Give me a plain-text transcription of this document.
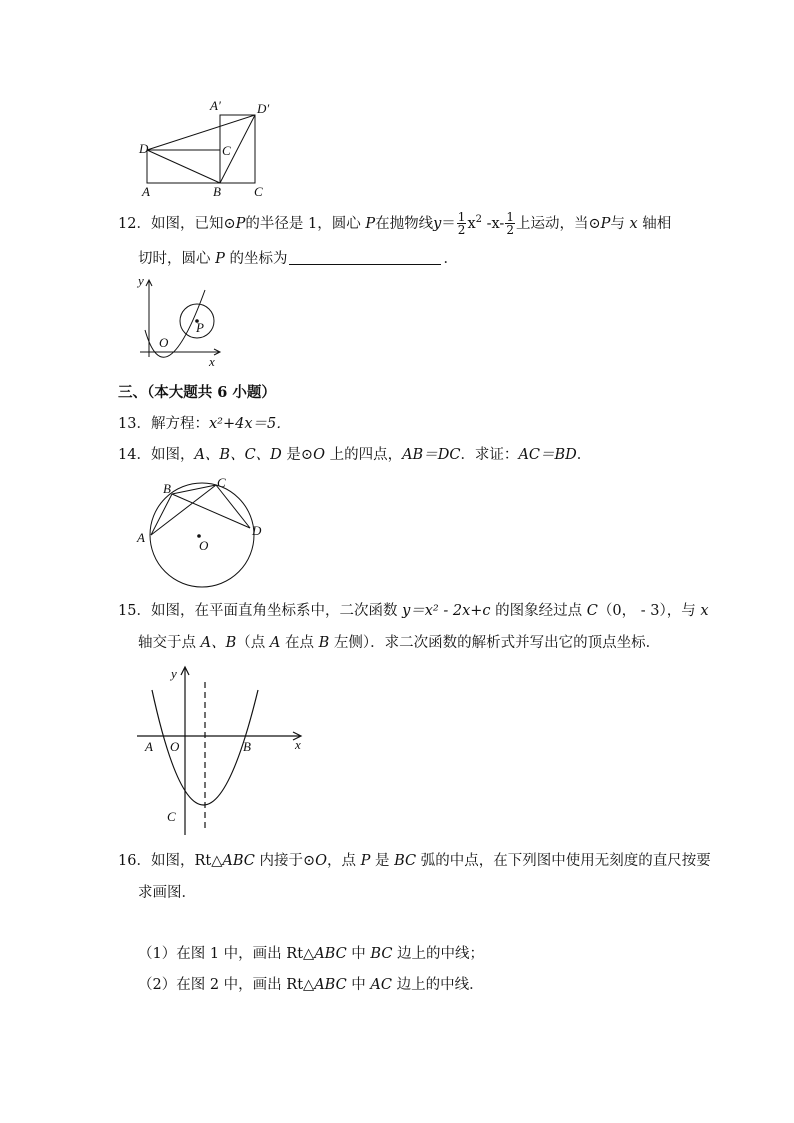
A	B	C
C
D
A′	D′
12．如图，已知⊙P的半径是 1，圆心 P在抛物线$y= \frac{1}{2} x^2$ $-x- \frac{1}{2}$ 上运动，当⊙P与 x 轴相
切时，圆心 P 的坐标为	．
y
x
O
P
三、（本大题共 6 小题）
13．解方程：x²+4x＝5．
14．如图，A、B、C、D 是⊙O 上的四点，AB＝DC．求证：AC＝BD．
A
B	C
D
O
15．如图，在平面直角坐标系中，二次函数 y＝x² - 2x+c 的图象经过点 C（0， - 3），与 x
轴交于点 A、B（点 A 在点 B 左侧）．求二次函数的解析式并写出它的顶点坐标．
y
x
O
A	B
C
16．如图，Rt△ABC 内接于⊙O，点 P 是 BC 弧的中点，在下列图中使用无刻度的直尺按要
求画图．
（1）在图 1 中，画出 Rt△ABC 中 BC 边上的中线；
（2）在图 2 中，画出 Rt△ABC 中 AC 边上的中线．
